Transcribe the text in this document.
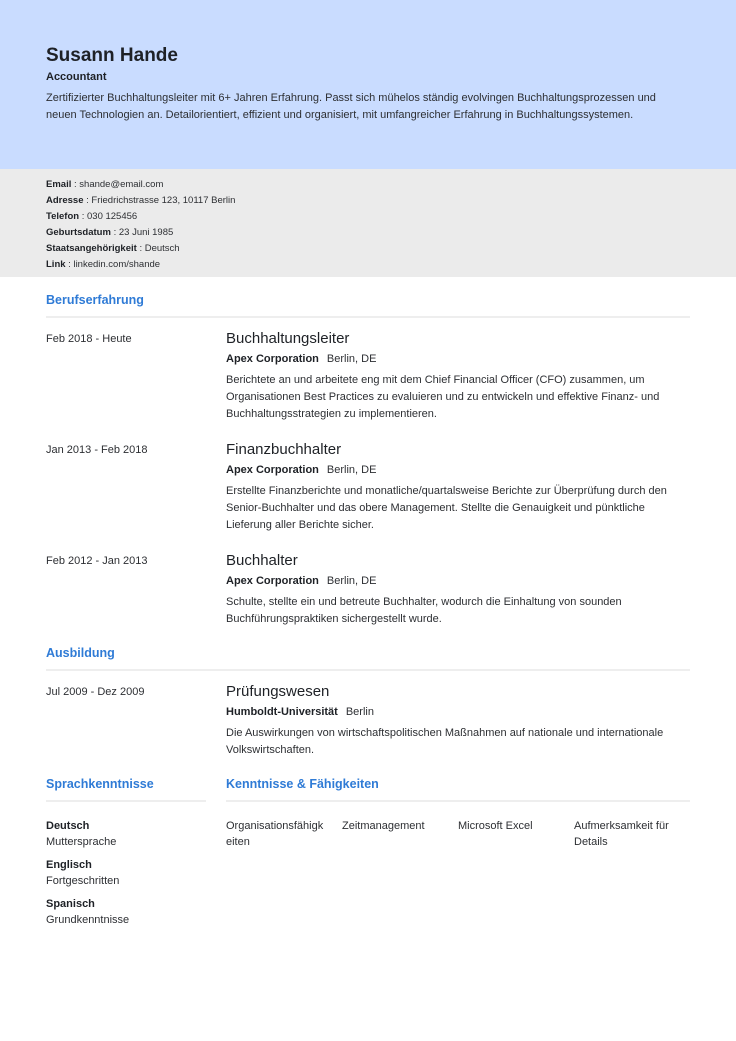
Susann Hande
Accountant
Zertifizierter Buchhaltungsleiter mit 6+ Jahren Erfahrung. Passt sich mühelos ständig evolvingen Buchhaltungsprozessen und neuen Technologien an. Detailorientiert, effizient und organisiert, mit umfangreicher Erfahrung in Buchhaltungssystemen.
Email : shande@email.com
Adresse : Friedrichstrasse 123, 10117 Berlin
Telefon : 030 125456
Geburtsdatum : 23 Juni 1985
Staatsangehörigkeit : Deutsch
Link : linkedin.com/shande
Berufserfahrung
Feb 2018 - Heute	Buchhaltungsleiter
Apex Corporation Berlin, DE
Berichtete an und arbeitete eng mit dem Chief Financial Officer (CFO) zusammen, um Organisationen Best Practices zu evaluieren und zu entwickeln und effektive Finanz- und Buchhaltungsstrategien zu implementieren.
Jan 2013 - Feb 2018	Finanzbuchhalter
Apex Corporation Berlin, DE
Erstellte Finanzberichte und monatliche/quartalsweise Berichte zur Überprüfung durch den Senior-Buchhalter und das obere Management. Stellte die Genauigkeit und pünktliche Lieferung aller Berichte sicher.
Feb 2012 - Jan 2013	Buchhalter
Apex Corporation Berlin, DE
Schulte, stellte ein und betreute Buchhalter, wodurch die Einhaltung von sounden Buchführungspraktiken sichergestellt wurde.
Ausbildung
Jul 2009 - Dez 2009	Prüfungswesen
Humboldt-Universität Berlin
Die Auswirkungen von wirtschaftspolitischen Maßnahmen auf nationale und internationale Volkswirtschaften.
Sprachkenntnisse
Deutsch
Muttersprache
Englisch
Fortgeschritten
Spanisch
Grundkenntnisse
Kenntnisse & Fähigkeiten
Organisationsfähigkeiten
Zeitmanagement	Microsoft Excel	Aufmerksamkeit für Details
